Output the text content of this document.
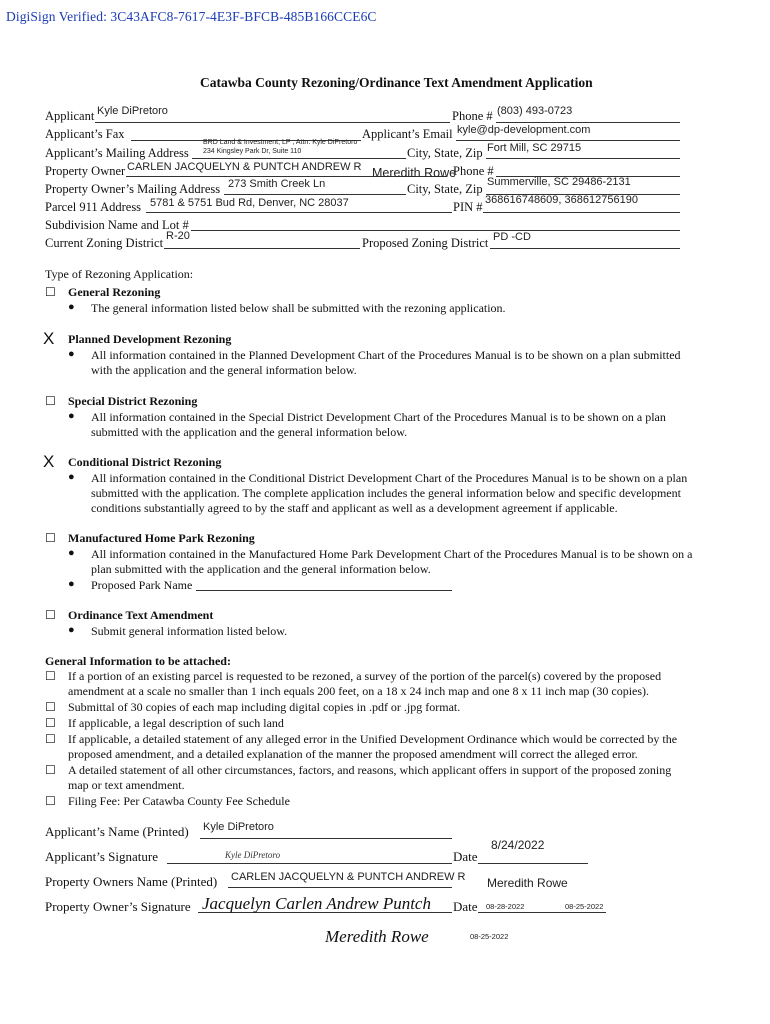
DigiSign Verified: 3C43AFC8-7617-4E3F-BFCB-485B166CCE6C
Catawba County Rezoning/Ordinance Text Amendment Application
Applicant Kyle DiPretoro	Phone # (803) 493-0723
Applicant’s Fax	Applicant’s Email kyle@dp-development.com
Applicant’s Mailing Address
BRD Land & Investment, LP , Attn: Kyle DiPretoro
234 Kingsley Park Dr, Suite 110	City, State, Zip Fort Mill, SC 29715
Property Owner CARLEN JACQUELYN & PUNTCH ANDREW R Meredith Rowe
Phone #
Property Owner’s Mailing Address 273 Smith Creek Ln	City, State, Zip Summerville, SC 29486-2131
Parcel 911 Address 5781 & 5751 Bud Rd, Denver, NC 28037	PIN # 368616748609, 368612756190
Subdivision Name and Lot #
Current Zoning District R-20	Proposed Zoning District PD -CD
Type of Rezoning Application:
☐ General Rezoning
● The general information listed below shall be submitted with the rezoning application.
X Planned Development Rezoning
● All information contained in the Planned Development Chart of the Procedures Manual is to be shown on a plan submitted
with the application and the general information below.
☐ Special District Rezoning
● All information contained in the Special District Development Chart of the Procedures Manual is to be shown on a plan
submitted with the application and the general information below.
X Conditional District Rezoning
● All information contained in the Conditional District Development Chart of the Procedures Manual is to be shown on a plan
submitted with the application. The complete application includes the general information below and specific development
conditions substantially agreed to by the staff and applicant as well as a development agreement if applicable.
☐ Manufactured Home Park Rezoning
● All information contained in the Manufactured Home Park Development Chart of the Procedures Manual is to be shown on a
plan submitted with the application and the general information below.
● Proposed Park Name
☐ Ordinance Text Amendment
● Submit general information listed below.
General Information to be attached:
☐ If a portion of an existing parcel is requested to be rezoned, a survey of the portion of the parcel(s) covered by the proposed
amendment at a scale no smaller than 1 inch equals 200 feet, on a 18 x 24 inch map and one 8 x 11 inch map (30 copies).
☐ Submittal of 30 copies of each map including digital copies in .pdf or .jpg format.
☐ If applicable, a legal description of such land
☐ If applicable, a detailed statement of any alleged error in the Unified Development Ordinance which would be corrected by the
proposed amendment, and a detailed explanation of the manner the proposed amendment will correct the alleged error.
☐ A detailed statement of all other circumstances, factors, and reasons, which applicant offers in support of the proposed zoning
map or text amendment.
☐ Filing Fee: Per Catawba County Fee Schedule
Applicant’s Name (Printed) Kyle DiPretoro
Applicant’s Signature	Kyle DiPretoro	Date
8/24/2022
Property Owners Name (Printed) CARLEN JACQUELYN & PUNTCH ANDREW R Meredith Rowe
Property Owner’s Signature Jacquelyn Carlen Andrew Puntch Date 08-28-2022	08-25-2022
Meredith Rowe	08-25-2022
